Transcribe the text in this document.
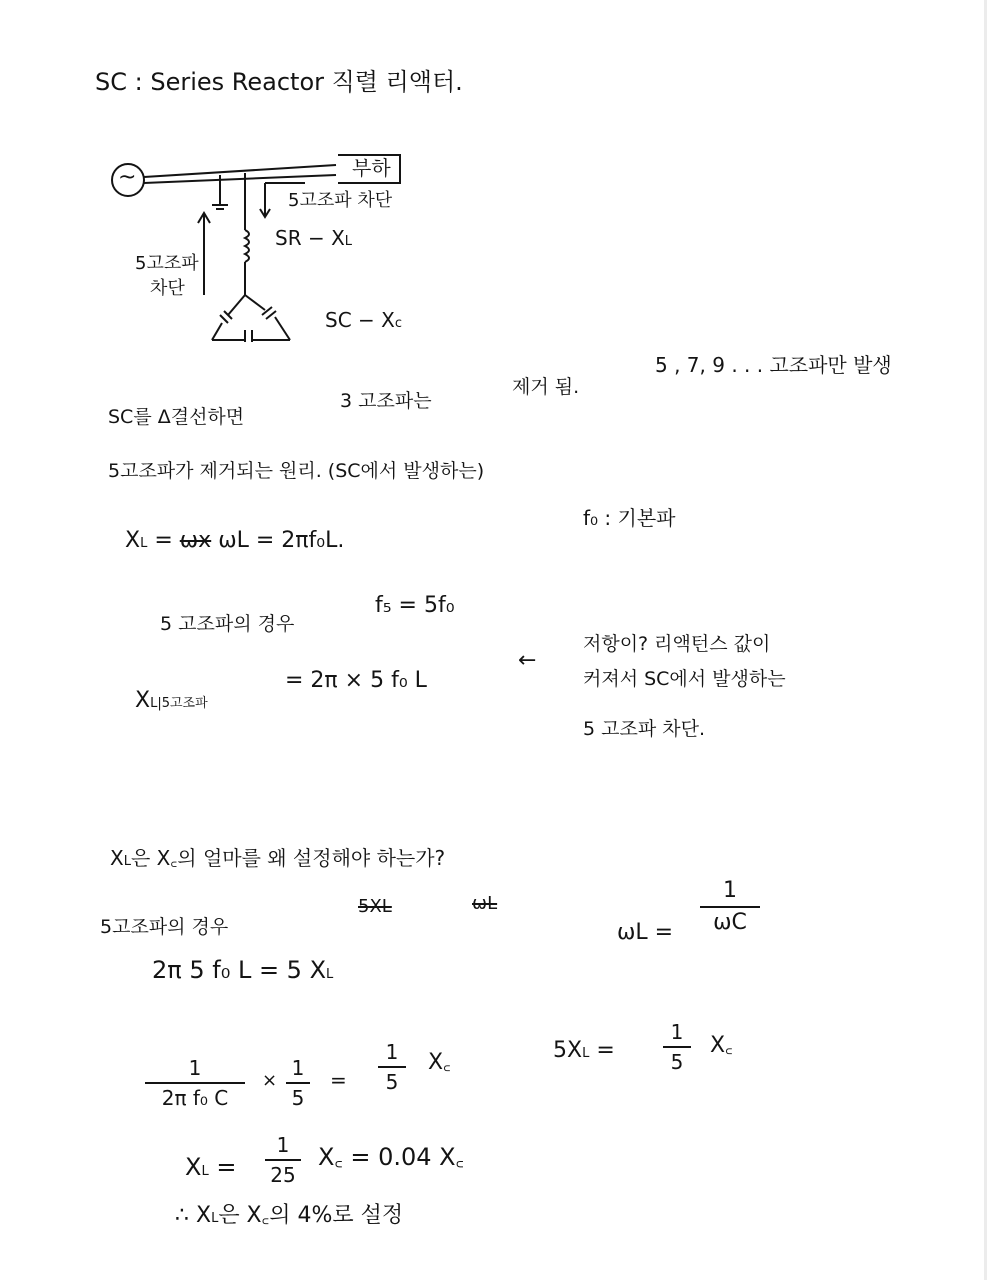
SC : Series Reactor 직렬 리액터.
~	부하
5고조파 차단
SR − XL
5고조파
차단
SC − Xc
5 , 7, 9 . . . 고조파만 발생
SC를 Δ결선하면
3 고조파는
제거 됨.
5고조파가 제거되는 원리. (SC에서 발생하는)
f₀ : 기본파
XL = ωx ωL = 2πf₀L.
5 고조파의 경우
f₅ = 5f₀
XL|5고조파
= 2π × 5 f₀ L
←
저항이? 리액턴스 값이
커져서 SC에서 발생하는
5 고조파 차단.
XL은 X꜀의 얼마를 왜 설정해야 하는가?
5고조파의 경우
5XL	ωL
ωL =
1
ωC
2π 5 f₀ L = 5 XL
1
2π f₀ C
×
1
5
=
1
5
X꜀	5XL =
1
5
X꜀
XL =
1
25
X꜀ = 0.04 X꜀
∴ XL은 X꜀의 4%로 설정
